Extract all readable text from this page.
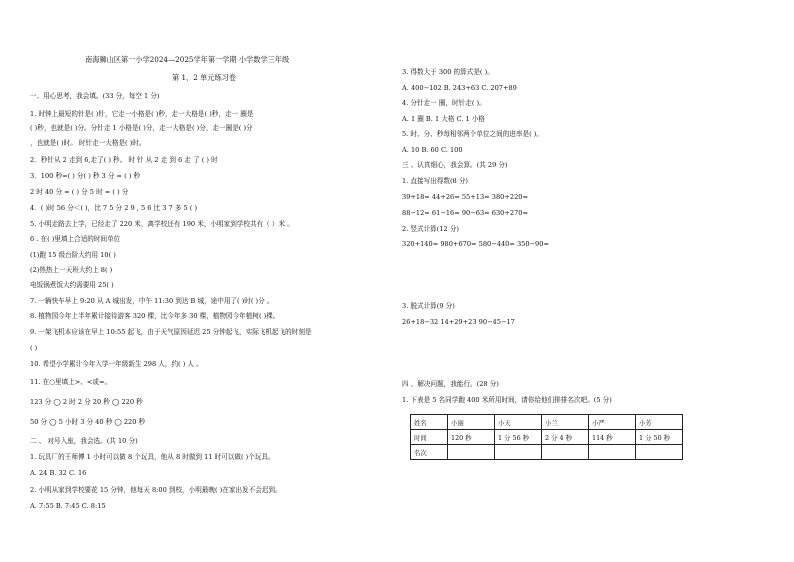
南海狮山区第一小学2024—2025学年第一学期 小学数学三年级
第 1、2 单元练习卷
一、用心思考，我会填。(33 分，每空 1 分)
1. 时钟上最短的针是( )针，它走一小格是( )秒，走一大格是( )秒，走一 圈是
( )秒，也就是( )分。分针走 1 小格是( )分，走一大格是( )分，走一圈是( )分
，也就是( )时。 时针走一大格是( )时。
2．秒针从 2 走到 6,走了( ) 秒。 时 针 从 2 走 到 6 走 了 ( ) 时
3．100 秒=( ) 分( ) 秒 3 分 = ( ) 秒
2 时 40 分 = ( ) 分 5 时 = ( ) 分
4．( )时 56 分＜( )，比 7 5 分 2 9 , 5 6 比 3 7 多 5 ( )
5. 小明走路去上学，已经走了 220 米，离学校还有 190 米，小明家到学校共有（ ）米 。
6 . 在( )里填上合适的时间单位
(1)跑 15 级台阶大约用 10( )
(2)热热上一天班大约上 8( )
电饭锅煮饭大约需要用 25( )
7. 一辆快车早上 9:20 从 A 城出发，中午 11:30 到达 B 城，途中用了( )时( )分 。
8. 植物园今年上半年累计接待游客 320 棵，比今年多 30 棵，植物园今年植树( )棵。
9. 一架飞机本应该在早上 10:55 起飞，由于天气原因延迟 25 分钟起飞，实际飞机起飞的时刻是
( )
10. 希望小学累计今年入学一年级新生 298 人，约( ) 人 。
11. 在○里填上>、<或=。
123 分 ◯ 2 时 2 分 20 秒 ◯ 220 秒
50 分 ◯ 5 小时 3 分 40 秒 ◯ 220 秒
二 、 对号入座，我会选。(共 10 分)
1. 玩具厂的王师傅 1 小时可以做 8 个玩具，他从 8 时做到 11 时可以做( )个玩具。
A. 24 B. 32 C. 16
2. 小明从家到学校要花 15 分钟，他每天 8:00 到校，小明最晚( )在家出发不会迟到。
A. 7:55 B. 7:45 C. 8:15
3. 得数大于 300 的算式是( )。
A. 400−102 B. 243+63 C. 207+89
4. 分针走一 圈，时针走( )。
A. 1 圈 B. 1 大格 C. 1 小格
5. 时、分、秒每相邻两个单位之间的进率是( )。
A. 10 B. 60 C. 100
三 、认真细心，我会算。(共 29 分)
1. 直接写出得数(8 分)
39+18= 44+26= 55+13= 380+220=
88−12= 61−16= 90−63= 630+270=
2. 竖式计算(12 分)
320+140= 980+670= 580−440= 350−90=
3. 脱式计算(9 分)
26+18−32 14+29+23 90−45−17
四 、解决问题，我能行。(28 分)
1. 下表是 5 名同学跑 400 米所用时间，请你给他们排排名次吧。(5 分)
姓名	小丽	小天	小兰	小严	小芳
时间	120 秒	1 分 56 秒	2 分 4 秒	114 秒	1 分 50 秒
名次					
